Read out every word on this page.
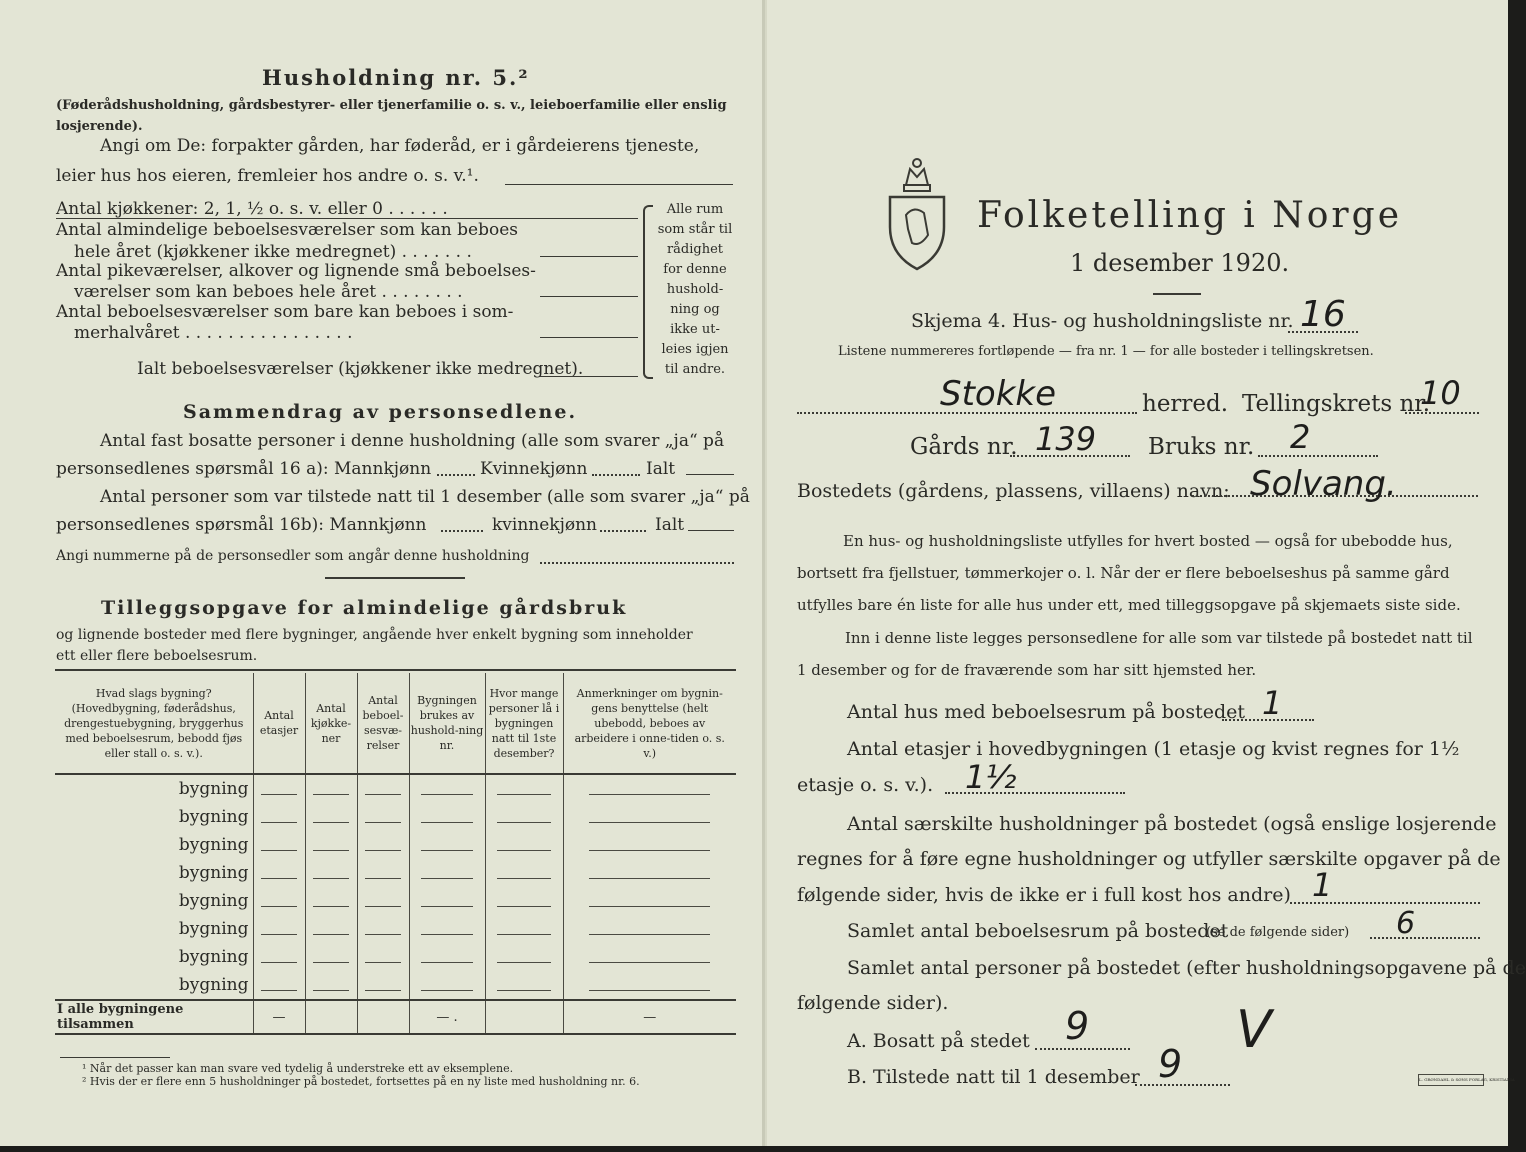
Husholdning nr. 5.²
(Føderådshusholdning, gårdsbestyrer- eller tjenerfamilie o. s. v., leieboerfamilie eller enslig losjerende).
Angi om De: forpakter gården, har føderåd, er i gårdeierens tjeneste,
leier hus hos eieren, fremleier hos andre o. s. v.¹.
Antal kjøkkener: 2, 1, ½ o. s. v. eller 0 . . . . . .
Antal almindelige beboelsesværelser som kan beboes
hele året (kjøkkener ikke medregnet) . . . . . . .
Antal pikeværelser, alkover og lignende små beboelses-
værelser som kan beboes hele året . . . . . . . .
Antal beboelsesværelser som bare kan beboes i som-
merhalvåret . . . . . . . . . . . . . . . .
Ialt beboelsesværelser (kjøkkener ikke medregnet).
Alle rum
som står til
rådighet
for denne
hushold-
ning og
ikke ut-
leies igjen
til andre.
Sammendrag av personsedlene.
Antal fast bosatte personer i denne husholdning (alle som svarer „ja“ på
personsedlenes spørsmål 16 a): Mannkjønn	Kvinnekjønn	Ialt
Antal personer som var tilstede natt til 1 desember (alle som svarer „ja“ på
personsedlenes spørsmål 16b): Mannkjønn	kvinnekjønn	Ialt
Angi nummerne på de personsedler som angår denne husholdning
Tilleggsopgave for almindelige gårdsbruk
og lignende bosteder med flere bygninger, angående hver enkelt bygning som inneholder
ett eller flere beboelsesrum.
Hvad slags bygning? (Hovedbygning, føderådshus, drengestuebygning, bryggerhus med beboelsesrum, bebodd fjøs eller stall o. s. v.).	Antal etasjer	Antal kjøkke-ner	Antal beboel-sesvæ-relser	Bygningen brukes av hushold-ning nr.	Hvor mange personer lå i bygningen natt til 1ste desember?	Anmerkninger om bygnin-gens benyttelse (helt ubebodd, beboes av arbeidere i onne-tiden o. s. v.)
bygning						
bygning						
bygning						
bygning						
bygning						
bygning						
bygning						
bygning						
I alle bygningene tilsammen	—			— .		—
¹ Når det passer kan man svare ved tydelig å understreke ett av eksemplene.
² Hvis der er flere enn 5 husholdninger på bostedet, fortsettes på en ny liste med husholdning nr. 6.
Folketelling i Norge
1 desember 1920.
Skjema 4. Hus- og husholdningsliste nr. 16
Listene nummereres fortløpende — fra nr. 1 — for alle bosteder i tellingskretsen.
Stokke	herred. Tellingskrets nr.
10
Gårds nr. 139 Bruks nr. 2
Bostedets (gårdens, plassens, villaens) navn: Solvang.
En hus- og husholdningsliste utfylles for hvert bosted — også for ubebodde hus,
bortsett fra fjellstuer, tømmerkojer o. l. Når der er flere beboelseshus på samme gård
utfylles bare én liste for alle hus under ett, med tilleggsopgave på skjemaets siste side.
Inn i denne liste legges personsedlene for alle som var tilstede på bostedet natt til
1 desember og for de fraværende som har sitt hjemsted her.
Antal hus med beboelsesrum på bostedet 1
Antal etasjer i hovedbygningen (1 etasje og kvist regnes for 1½
etasje o. s. v.). 1½
Antal særskilte husholdninger på bostedet (også enslige losjerende
regnes for å føre egne husholdninger og utfyller særskilte opgaver på de
følgende sider, hvis de ikke er i full kost hos andre) 1
Samlet antal beboelsesrum på bostedet
(se de følgende sider) 6
Samlet antal personer på bostedet (efter husholdningsopgavene på de
følgende sider).
A. Bosatt på stedet 9
B. Tilstede natt til 1 desember 9
V
L. GRØNDAHL & SØNS FORLAG, KRISTIANIA
